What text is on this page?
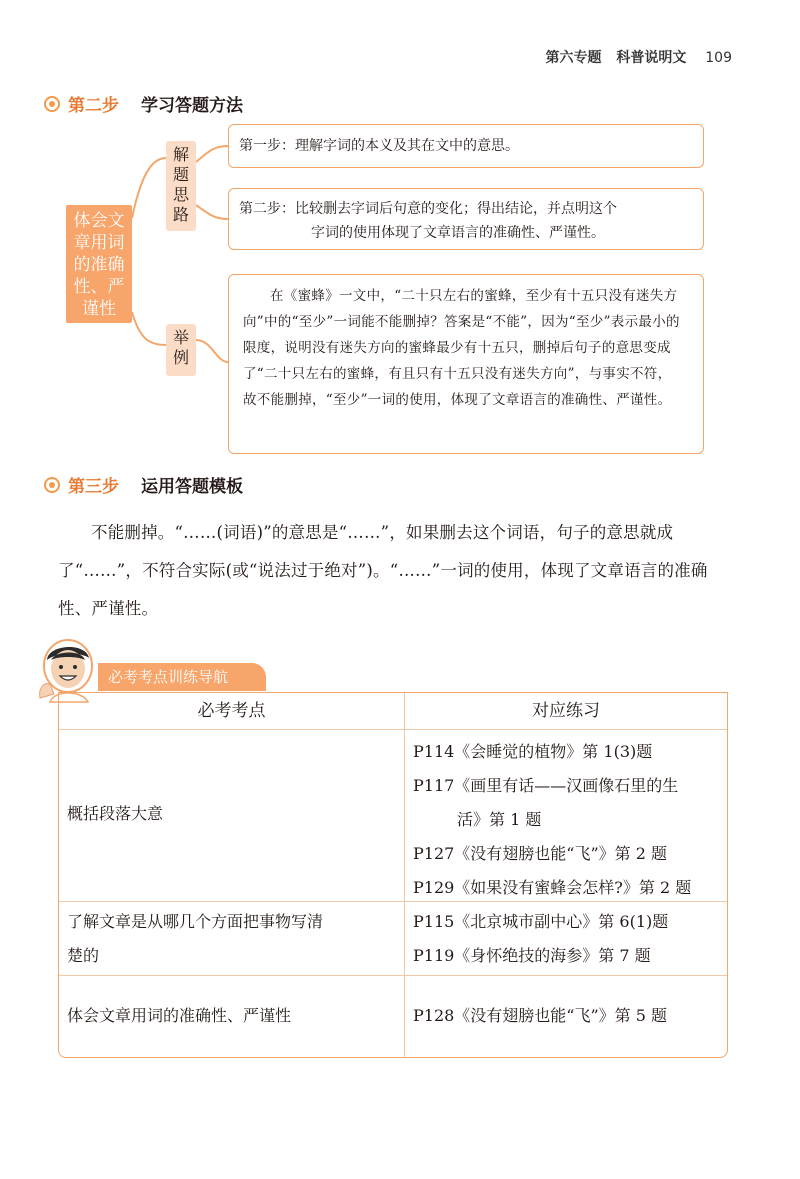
第六专题 科普说明文 109
第二步 学习答题方法
体会文
章用词
的准确
性、严
谨性
解
题
思
路
举
例
第一步：理解字词的本义及其在文中的意思。
第二步：比较删去字词后句意的变化；得出结论，并点明这个
字词的使用体现了文章语言的准确性、严谨性。
在《蜜蜂》一文中，“二十只左右的蜜蜂，至少有十五只没有迷失方向”中的“至少”一词能不能删掉？答案是“不能”，因为“至少”表示最小的限度，说明没有迷失方向的蜜蜂最少有十五只，删掉后句子的意思变成了“二十只左右的蜜蜂，有且只有十五只没有迷失方向”，与事实不符，故不能删掉，“至少”一词的使用，体现了文章语言的准确性、严谨性。
第三步 运用答题模板

不能删掉。“……(词语)”的意思是“……”，如果删去这个词语，句子的意思就成了“……”，不符合实际(或“说法过于绝对”)。“……”一词的使用，体现了文章语言的准确性、严谨性。

必考考点训练导航
必考考点	对应练习
概括段落大意
P114《会睡觉的植物》第 1(3)题
P117《画里有话——汉画像石里的生
活》第 1 题
P127《没有翅膀也能“飞”》第 2 题
P129《如果没有蜜蜂会怎样?》第 2 题
了解文章是从哪几个方面把事物写清
楚的
P115《北京城市副中心》第 6(1)题
P119《身怀绝技的海参》第 7 题
体会文章用词的准确性、严谨性	P128《没有翅膀也能“飞”》第 5 题
